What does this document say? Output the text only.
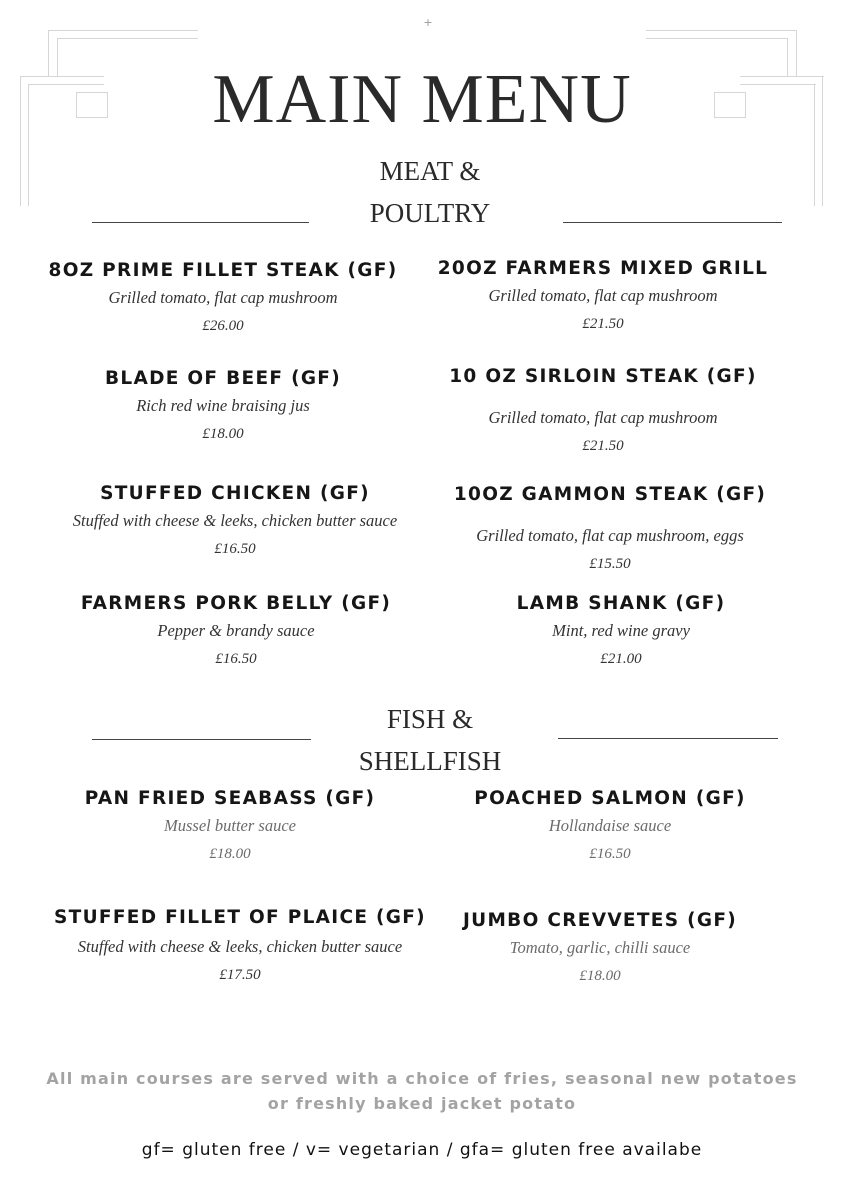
+
MAIN MENU
MEAT &
POULTRY
8OZ PRIME FILLET STEAK (GF)
Grilled tomato, flat cap mushroom
£26.00
20OZ FARMERS MIXED GRILL
Grilled tomato, flat cap mushroom
£21.50
BLADE OF BEEF (GF)
Rich red wine braising jus
£18.00
10 OZ SIRLOIN STEAK (GF)
Grilled tomato, flat cap mushroom
£21.50
STUFFED CHICKEN (GF)
Stuffed with cheese & leeks, chicken butter sauce
£16.50
10OZ GAMMON STEAK (GF)
Grilled tomato, flat cap mushroom, eggs
£15.50
FARMERS PORK BELLY (GF)
Pepper & brandy sauce
£16.50
LAMB SHANK (GF)
Mint, red wine gravy
£21.00
FISH &
SHELLFISH
PAN FRIED SEABASS (GF)
Mussel butter sauce
£18.00
POACHED SALMON (GF)
Hollandaise sauce
£16.50
STUFFED FILLET OF PLAICE (GF)
Stuffed with cheese & leeks, chicken butter sauce
£17.50
JUMBO CREVVETES (GF)
Tomato, garlic, chilli sauce
£18.00
All main courses are served with a choice of fries, seasonal new potatoes or freshly baked jacket potato
gf= gluten free / v= vegetarian / gfa= gluten free availabe
